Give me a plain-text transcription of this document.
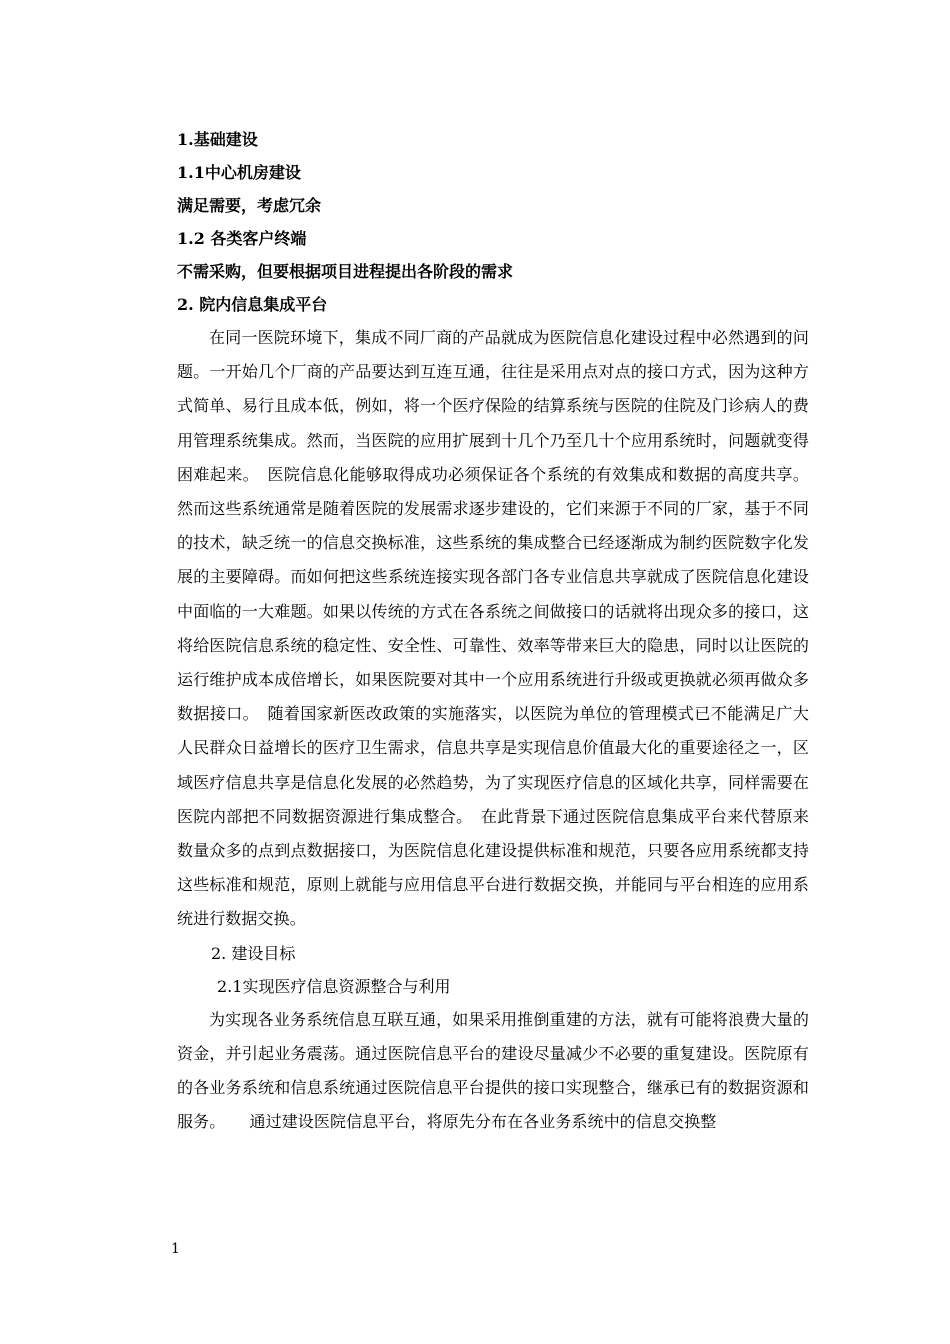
1.基础建设
1.1中心机房建设
满足需要，考虑冗余
1.2 各类客户终端
不需采购，但要根据项目进程提出各阶段的需求
2. 院内信息集成平台

在同一医院环境下，集成不同厂商的产品就成为医院信息化建设过程中必然遇到的问题。一开始几个厂商的产品要达到互连互通，往往是采用点对点的接口方式，因为这种方式简单、易行且成本低，例如，将一个医疗保险的结算系统与医院的住院及门诊病人的费用管理系统集成。然而，当医院的应用扩展到十几个乃至几十个应用系统时，问题就变得困难起来。　医院信息化能够取得成功必须保证各个系统的有效集成和数据的高度共享。然而这些系统通常是随着医院的发展需求逐步建设的，它们来源于不同的厂家，基于不同的技术，缺乏统一的信息交换标准，这些系统的集成整合已经逐渐成为制约医院数字化发展的主要障碍。而如何把这些系统连接实现各部门各专业信息共享就成了医院信息化建设中面临的一大难题。如果以传统的方式在各系统之间做接口的话就将出现众多的接口，这将给医院信息系统的稳定性、安全性、可靠性、效率等带来巨大的隐患，同时以让医院的运行维护成本成倍增长，如果医院要对其中一个应用系统进行升级或更换就必须再做众多数据接口。　随着国家新医改政策的实施落实，以医院为单位的管理模式已不能满足广大人民群众日益增长的医疗卫生需求，信息共享是实现信息价值最大化的重要途径之一，区域医疗信息共享是信息化发展的必然趋势，为了实现医疗信息的区域化共享，同样需要在医院内部把不同数据资源进行集成整合。　在此背景下通过医院信息集成平台来代替原来数量众多的点到点数据接口，为医院信息化建设提供标准和规范，只要各应用系统都支持这些标准和规范，原则上就能与应用信息平台进行数据交换，并能同与平台相连的应用系统进行数据交换。

2. 建设目标
2.1实现医疗信息资源整合与利用

为实现各业务系统信息互联互通，如果采用推倒重建的方法，就有可能将浪费大量的资金，并引起业务震荡。通过医院信息平台的建设尽量减少不必要的重复建设。医院原有的各业务系统和信息系统通过医院信息平台提供的接口实现整合，继承已有的数据资源和服务。　　通过建设医院信息平台，将原先分布在各业务系统中的信息交换整

1
